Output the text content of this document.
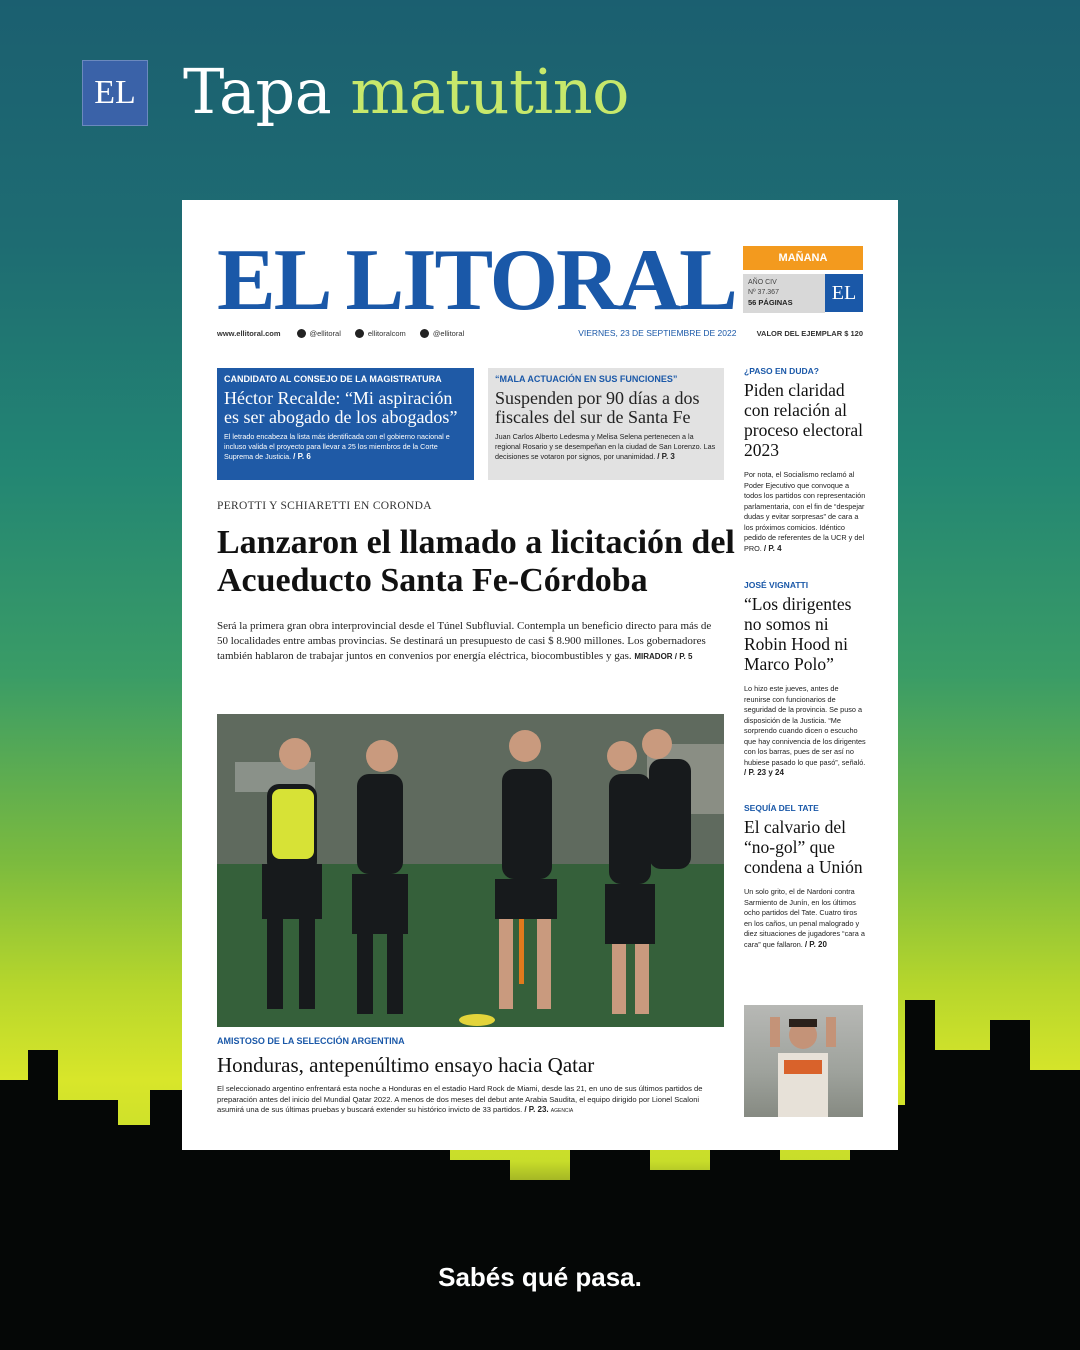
EL Tapa matutino
EL LITORAL	MAÑANA
AÑO CIV
Nº 37.367
56 PÁGINAS	EL
www.ellitoral.com	@ellitoral	ellitoralcom	@ellitoral	VIERNES, 23 DE SEPTIEMBRE DE 2022	VALOR DEL EJEMPLAR $ 120
CANDIDATO AL CONSEJO DE LA MAGISTRATURA
Héctor Recalde: “Mi aspiración es ser abogado de los abogados”
El letrado encabeza la lista más identificada con el gobierno nacional e incluso valida el proyecto para llevar a 25 los miembros de la Corte Suprema de Justicia. / P. 6
“MALA ACTUACIÓN EN SUS FUNCIONES”
Suspenden por 90 días a dos fiscales del sur de Santa Fe
Juan Carlos Alberto Ledesma y Melisa Selena pertenecen a la regional Rosario y se desempeñan en la ciudad de San Lorenzo. Las decisiones se votaron por signos, por unanimidad. / P. 3
PEROTTI Y SCHIARETTI EN CORONDA
Lanzaron el llamado a licitación del Acueducto Santa Fe-Córdoba
Será la primera gran obra interprovincial desde el Túnel Subfluvial. Contempla un beneficio directo para más de 50 localidades entre ambas provincias. Se destinará un presupuesto de casi $ 8.900 millones. Los gobernadores también hablaron de trabajar juntos en convenios por energía eléctrica, biocombustibles y gas. MIRADOR / P. 5
AMISTOSO DE LA SELECCIÓN ARGENTINA
Honduras, antepenúltimo ensayo hacia Qatar
El seleccionado argentino enfrentará esta noche a Honduras en el estadio Hard Rock de Miami, desde las 21, en uno de sus últimos partidos de preparación antes del inicio del Mundial Qatar 2022. A menos de dos meses del debut ante Arabia Saudita, el equipo dirigido por Lionel Scaloni asumirá una de sus últimas pruebas y buscará extender su histórico invicto de 33 partidos. / P. 23. AGENCIA
¿PASO EN DUDA?
Piden claridad con relación al proceso electoral 2023
Por nota, el Socialismo reclamó al Poder Ejecutivo que convoque a todos los partidos con representación parlamentaria, con el fin de “despejar dudas y evitar sorpresas” de cara a los próximos comicios. Idéntico pedido de referentes de la UCR y del PRO. / P. 4
JOSÉ VIGNATTI
“Los dirigentes no somos ni Robin Hood ni Marco Polo”
Lo hizo este jueves, antes de reunirse con funcionarios de seguridad de la provincia. Se puso a disposición de la Justicia. “Me sorprendo cuando dicen o escucho que hay connivencia de los dirigentes con los barras, pues de ser así no hubiese pasado lo que pasó”, señaló. / P. 23 y 24
SEQUÍA DEL TATE
El calvario del “no-gol” que condena a Unión
Un solo grito, el de Nardoni contra Sarmiento de Junín, en los últimos ocho partidos del Tate. Cuatro tiros en los caños, un penal malogrado y diez situaciones de jugadores “cara a cara” que fallaron. / P. 20
Sabés qué pasa.
